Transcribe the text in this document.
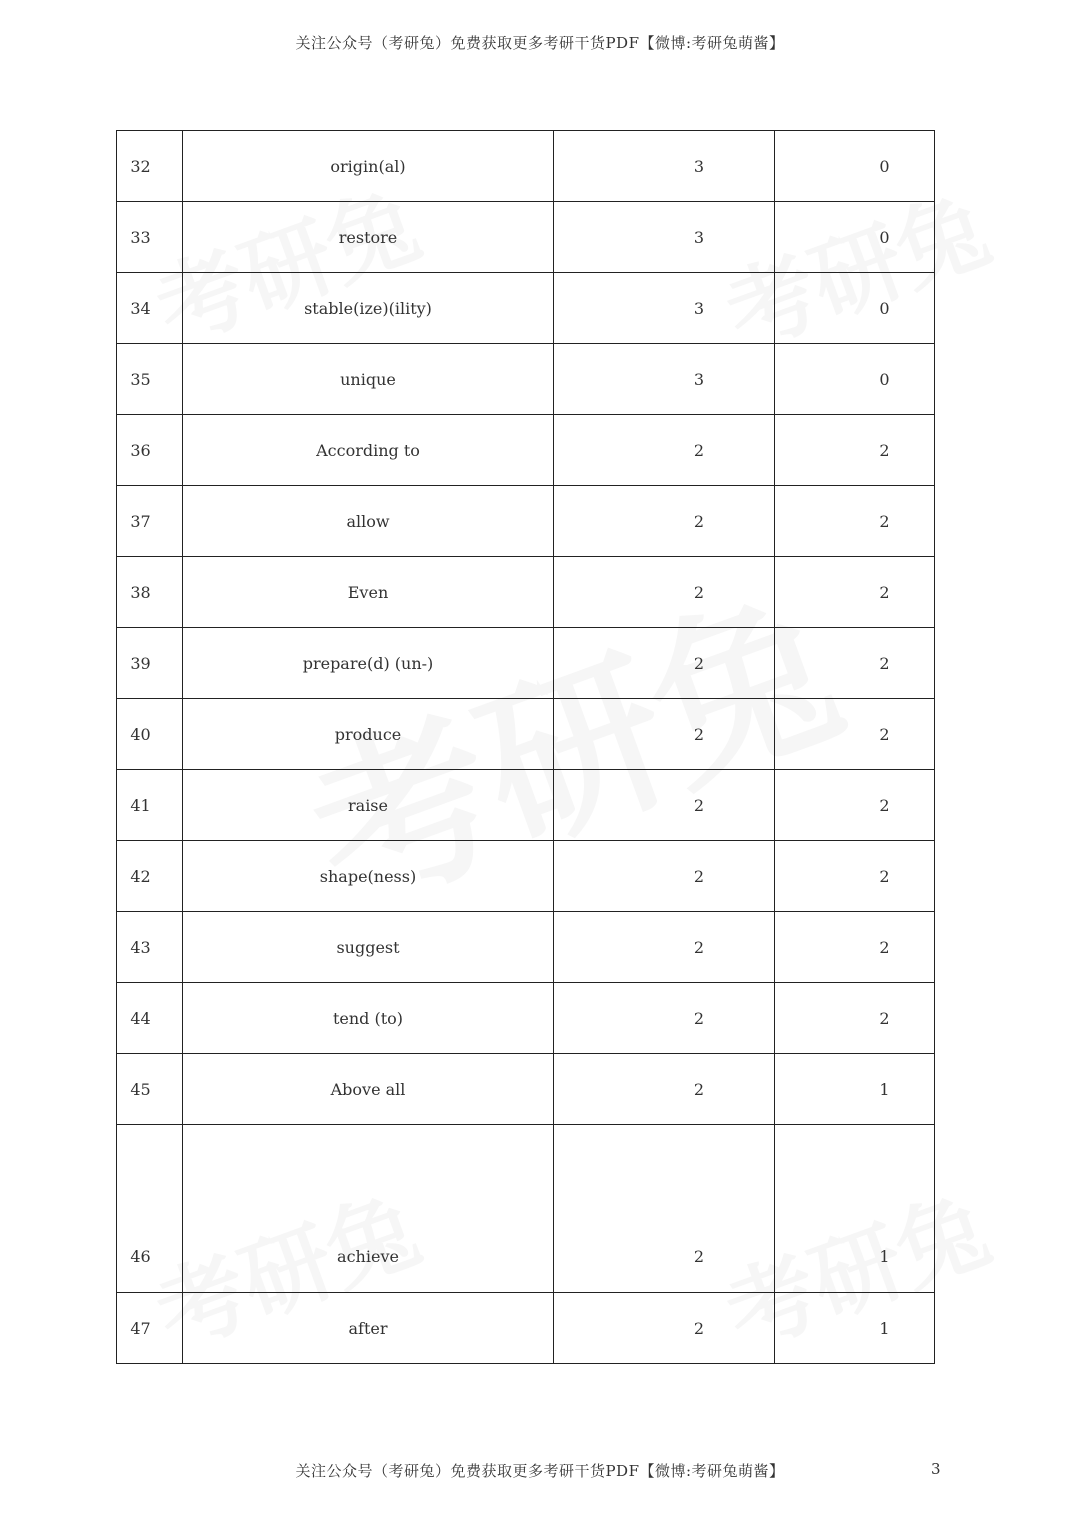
关注公众号（考研兔）免费获取更多考研干货PDF【微博:考研兔萌酱】
32	origin(al)	3	0
33	restore	3	0
34	stable(ize)(ility)	3	0
35	unique	3	0
36	According to	2	2
37	allow	2	2
38	Even	2	2
39	prepare(d) (un-)	2	2
40	produce	2	2
41	raise	2	2
42	shape(ness)	2	2
43	suggest	2	2
44	tend (to)	2	2
45	Above all	2	1
46	achieve	2	1
47	after	2	1
关注公众号（考研兔）免费获取更多考研干货PDF【微博:考研兔萌酱】	3
